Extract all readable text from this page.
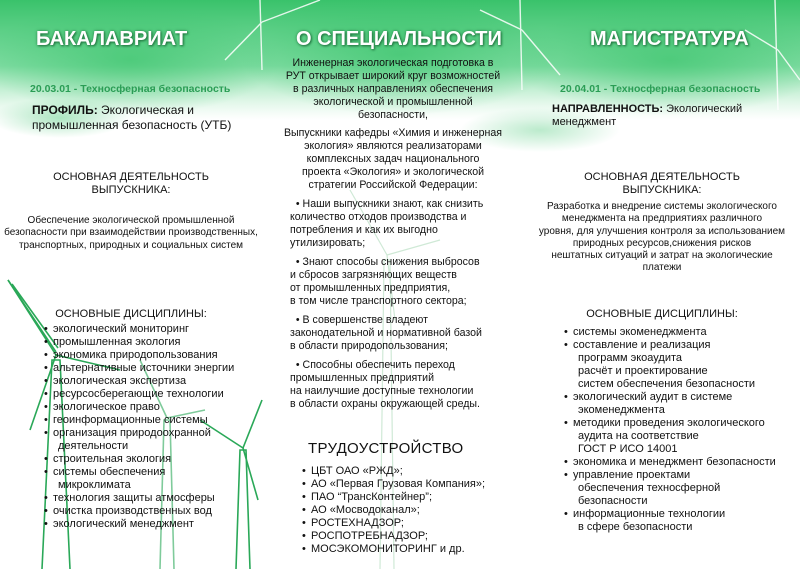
БАКАЛАВРИАТ
20.03.01 - Техносферная безопасность
ПРОФИЛЬ: Экологическая и
промышленная безопасность (УТБ)
ОСНОВНАЯ ДЕЯТЕЛЬНОСТЬ
ВЫПУСКНИКА:
Обеспечение экологической промышленной
безопасности при взаимодействии производственных,
транспортных, природных и социальных систем
ОСНОВНЫЕ ДИСЦИПЛИНЫ:
• экологический мониторинг
• промышленная экология
• экономика природопользования
• альтернативные источники энергии
• экологическая экспертиза
• ресурсосберегающие технологии
• экологическое право
• геоинформационные системы
• организация природоохранной
деятельности
• строительная экология
• системы обеспечения
микроклимата
• технология защиты атмосферы
• очистка производственных вод
• экологический менеджмент
О СПЕЦИАЛЬНОСТИ
Инженерная экологическая подготовка в
РУТ открывает широкий круг возможностей
в различных направлениях обеспечения
экологической и промышленной
безопасности,
Выпускники кафедры «Химия и инженерная
экология» являются реализаторами
комплексных задач национального
проекта «Экология» и экологической
стратегии Российской Федерации:
• Наши выпускники знают, как снизить
количество отходов производства и
потребления и как их выгодно
утилизировать;
• Знают способы снижения выбросов
и сбросов загрязняющих веществ
от промышленных предприятия,
в том числе транспортного сектора;
• В совершенстве владеют
законодательной и нормативной базой
в области природопользования;
• Способны обеспечить переход
промышленных предприятий
на наилучшие доступные технологии
в области охраны окружающей среды.
ТРУДОУСТРОЙСТВО
• ЦБТ ОАО «РЖД»;
• АО «Первая Грузовая Компания»;
• ПАО “ТрансКонтейнер”;
• АО «Мосводоканал»;
• РОСТЕХНАДЗОР;
• РОСПОТРЕБНАДЗОР;
• МОСЭКОМОНИТОРИНГ и др.
МАГИСТРАТУРА
20.04.01 - Техносферная безопасность
НАПРАВЛЕННОСТЬ: Экологический менеджмент
ОСНОВНАЯ ДЕЯТЕЛЬНОСТЬ
ВЫПУСКНИКА:
Разработка и внедрение системы экологического
менеджмента на предприятиях различного
уровня, для улучшения контроля за использованием
природных ресурсов,снижения рисков
нештатных ситуаций и затрат на экологические
платежи
ОСНОВНЫЕ ДИСЦИПЛИНЫ:
• системы экоменеджмента
• составление и реализация
программ экоаудита
расчёт и проектирование
систем обеспечения безопасности
• экологический аудит в системе
экоменеджмента
• методики проведения экологического
аудита на соответствие
ГОСТ Р ИСО 14001
• экономика и менеджмент безопасности
• управление проектами
обеспечения техносферной
безопасности
• информационные технологии
в сфере безопасности
